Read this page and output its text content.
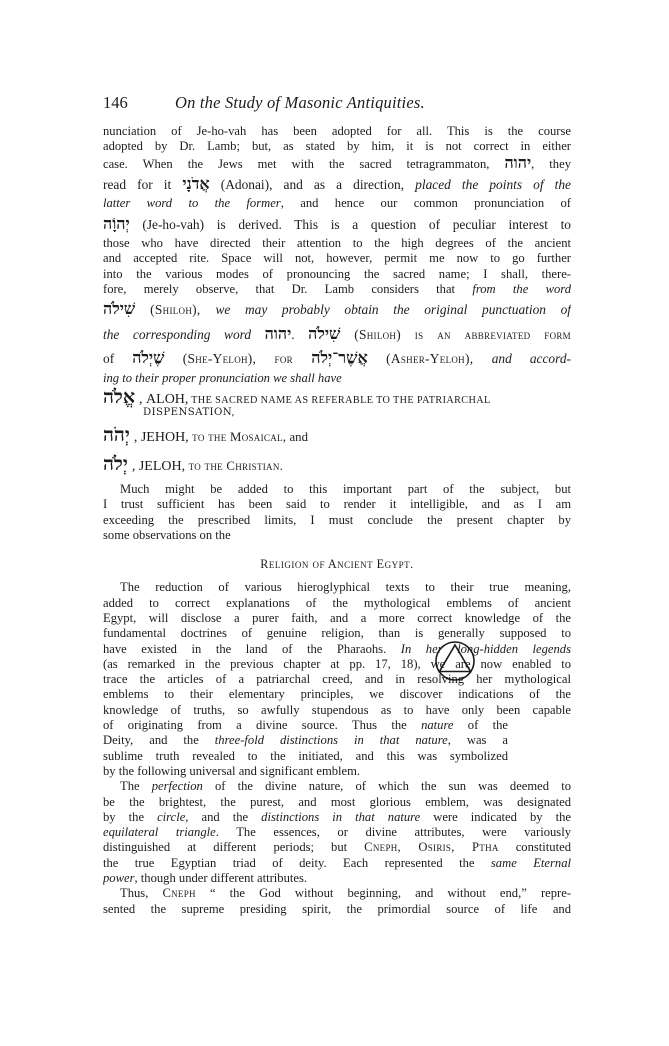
146	On the Study of Masonic Antiquities.
nunciation of Je-ho-vah has been adopted for all. This is the course
adopted by Dr. Lamb; but, as stated by him, it is not correct in either
case. When the Jews met with the sacred tetragrammaton, יהוה, they
read for it אֲדֹנָי (Adonai), and as a direction, placed the points of the
latter word to the former, and hence our common pronunciation of
יְהוָֹה (Je-ho-vah) is derived. This is a question of peculiar interest to
those who have directed their attention to the high degrees of the ancient
and accepted rite. Space will not, however, permit me now to go further
into the various modes of pronouncing the sacred name; I shall, there-
fore, merely observe, that Dr. Lamb considers that from the word
שִׁילֹה (Shiloh), we may probably obtain the original punctuation of
the corresponding word יהוה. שִׁילֹה (Shiloh) is an abbreviated form
of שֶׁיְלֹה (She-Yeloh), for אֲשֶׁר־יְלֹה (Asher-Yeloh), and accord-
ing to their proper pronunciation we shall have
אֱלֹה , ALOH, THE SACRED NAME AS REFERABLE TO THE PATRIARCHAL
DISPENSATION,
יְהֹה , JEHOH, to the Mosaical, and
יְלֹה , JELOH, to the Christian.
Much might be added to this important part of the subject, but
I trust sufficient has been said to render it intelligible, and as I am
exceeding the prescribed limits, I must conclude the present chapter by
some observations on the
Religion of Ancient Egypt.
The reduction of various hieroglyphical texts to their true meaning,
added to correct explanations of the mythological emblems of ancient
Egypt, will disclose a purer faith, and a more correct knowledge of the
fundamental doctrines of genuine religion, than is generally supposed to
have existed in the land of the Pharaohs. In her long-hidden legends
(as remarked in the previous chapter at pp. 17, 18), we are now enabled to
trace the articles of a patriarchal creed, and in resolving her mythological
emblems to their elementary principles, we discover indications of the
knowledge of truths, so awfully stupendous as to have only been capable
of originating from a divine source. Thus the nature of the
Deity, and the three-fold distinctions in that nature, was a
sublime truth revealed to the initiated, and this was symbolized
by the following universal and significant emblem.
The perfection of the divine nature, of which the sun was deemed to
be the brightest, the purest, and most glorious emblem, was designated
by the circle, and the distinctions in that nature were indicated by the
equilateral triangle. The essences, or divine attributes, were variously
distinguished at different periods; but Cneph, Osiris, Ptha constituted
the true Egyptian triad of deity. Each represented the same Eternal
power, though under different attributes.
Thus, Cneph “ the God without beginning, and without end,” repre-
sented the supreme presiding spirit, the primordial source of life and
